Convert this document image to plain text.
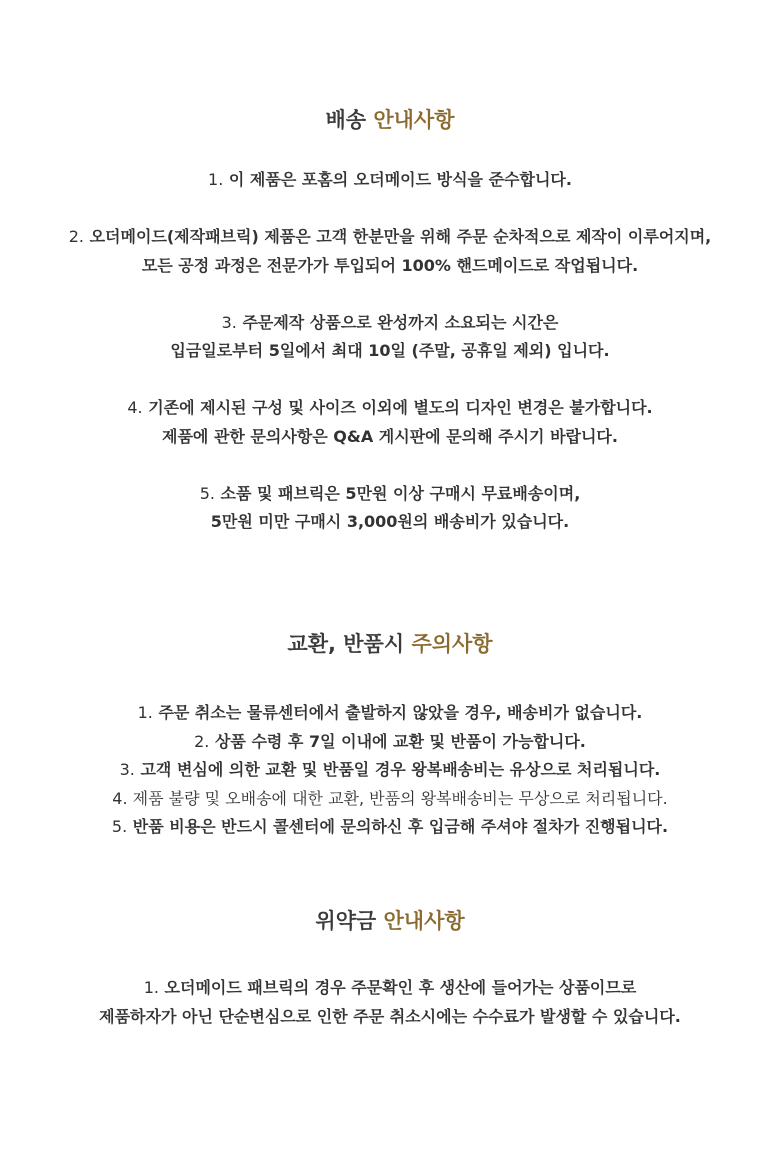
배송 안내사항

1. 이 제품은 포홈의 오더메이드 방식을 준수합니다.

2. 오더메이드(제작패브릭) 제품은 고객 한분만을 위해 주문 순차적으로 제작이 이루어지며,
모든 공정 과정은 전문가가 투입되어 100% 핸드메이드로 작업됩니다.

3. 주문제작 상품으로 완성까지 소요되는 시간은
입금일로부터 5일에서 최대 10일 (주말, 공휴일 제외) 입니다.

4. 기존에 제시된 구성 및 사이즈 이외에 별도의 디자인 변경은 불가합니다.
제품에 관한 문의사항은 Q&A 게시판에 문의해 주시기 바랍니다.

5. 소품 및 패브릭은 5만원 이상 구매시 무료배송이며,
5만원 미만 구매시 3,000원의 배송비가 있습니다.

교환, 반품시 주의사항

1. 주문 취소는 물류센터에서 출발하지 않았을 경우, 배송비가 없습니다.

2. 상품 수령 후 7일 이내에 교환 및 반품이 가능합니다.

3. 고객 변심에 의한 교환 및 반품일 경우 왕복배송비는 유상으로 처리됩니다.

4. 제품 불량 및 오배송에 대한 교환, 반품의 왕복배송비는 무상으로 처리됩니다.

5. 반품 비용은 반드시 콜센터에 문의하신 후 입금해 주셔야 절차가 진행됩니다.

위약금 안내사항

1. 오더메이드 패브릭의 경우 주문확인 후 생산에 들어가는 상품이므로
제품하자가 아닌 단순변심으로 인한 주문 취소시에는 수수료가 발생할 수 있습니다.
